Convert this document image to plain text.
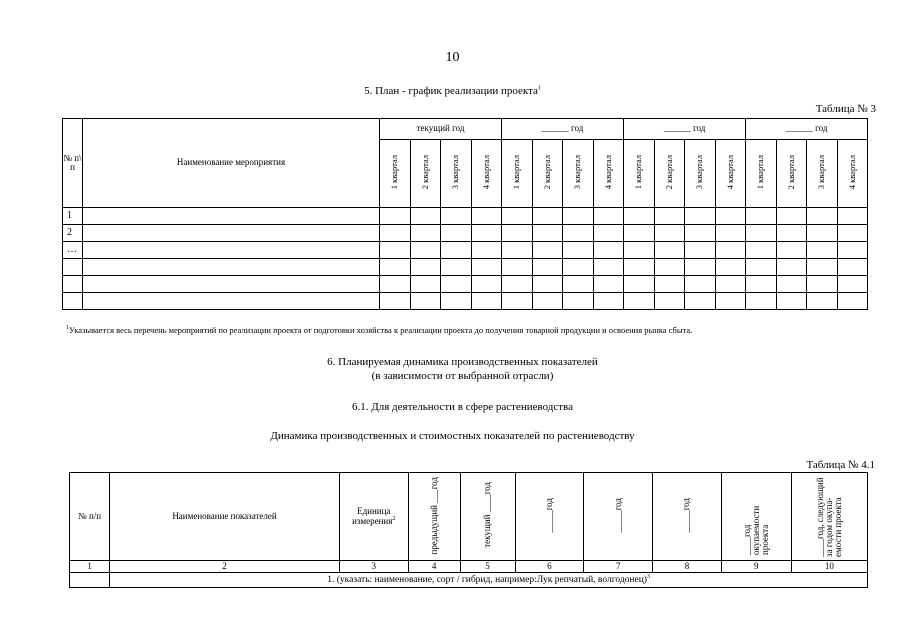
10
5. План - график реализации проекта$^1$
Таблица № 3
№ п\ п	Наименование мероприятия	текущий год				______ год				______ год				______ год			
		1 квартал	2 квартал	3 квартал	4 квартал	1 квартал	2 квартал	3 квартал	4 квартал	1 квартал	2 квартал	3 квартал	4 квартал	1 квартал	2 квартал	3 квартал	4 квартал
1																	
2																	
…																	

$^1$Указывается весь перечень мероприятий по реализации проекта от подготовки хозяйства к реализации проекта до получения товарной продукции и освоения рынка сбыта.
6. Планируемая динамика производственных показателей
(в зависимости от выбранной отрасли)
6.1. Для деятельности в сфере растениеводства
Динамика производственных и стоимостных показателей по растениеводству
Таблица № 4.1
№ п/п	Наименование показателей	Единица измерения$^2$	предыдущий ___год	текущий ____год	_____год	_____год	_____год	____год окупаемости проекта	____год, следующий за годом окупа-емости проекта
1	2	3	4	5	6	7	8	9	10
	1. (указать: наименование, сорт / гибрид, например:Лук репчатый, волгодонец)$^3$
